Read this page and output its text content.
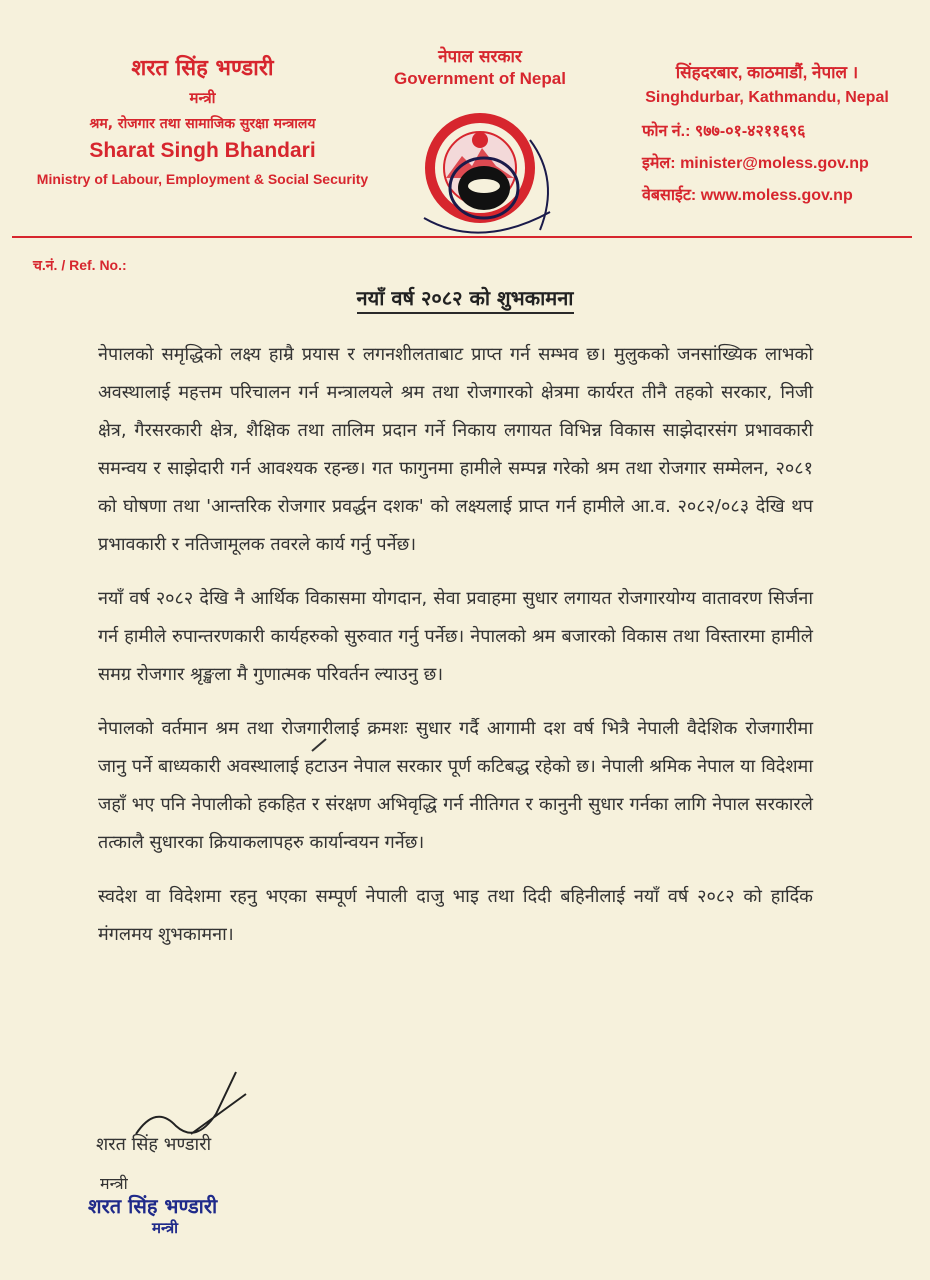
शरत सिंह भण्डारी
मन्त्री
श्रम, रोजगार तथा सामाजिक सुरक्षा मन्त्रालय
Sharat Singh Bhandari
Ministry of Labour, Employment & Social Security
नेपाल सरकार
Government of Nepal	सिंहदरबार, काठमाडौं, नेपाल ।
Singhdurbar, Kathmandu, Nepal
फोन नं.: ९७७-०१-४२११६९६
इमेल: minister@moless.gov.np
वेबसाईट: www.moless.gov.np
च.नं. / Ref. No.:
नयाँ वर्ष २०८२ को शुभकामना

नेपालको समृद्धिको लक्ष्य हाम्रै प्रयास र लगनशीलताबाट प्राप्त गर्न सम्भव छ। मुलुकको जनसांख्यिक लाभको अवस्थालाई महत्तम परिचालन गर्न मन्त्रालयले श्रम तथा रोजगारको क्षेत्रमा कार्यरत तीनै तहको सरकार, निजी क्षेत्र, गैरसरकारी क्षेत्र, शैक्षिक तथा तालिम प्रदान गर्ने निकाय लगायत विभिन्न विकास साझेदारसंग प्रभावकारी समन्वय र साझेदारी गर्न आवश्यक रहन्छ। गत फागुनमा हामीले सम्पन्न गरेको श्रम तथा रोजगार सम्मेलन, २०८१ को घोषणा तथा 'आन्तरिक रोजगार प्रवर्द्धन दशक' को लक्ष्यलाई प्राप्त गर्न हामीले आ.व. २०८२/०८३ देखि थप प्रभावकारी र नतिजामूलक तवरले कार्य गर्नु पर्नेछ।

नयाँ वर्ष २०८२ देखि नै आर्थिक विकासमा योगदान, सेवा प्रवाहमा सुधार लगायत रोजगारयोग्य वातावरण सिर्जना गर्न हामीले रुपान्तरणकारी कार्यहरुको सुरुवात गर्नु पर्नेछ। नेपालको श्रम बजारको विकास तथा विस्तारमा हामीले समग्र रोजगार श्रृङ्खला मै गुणात्मक परिवर्तन ल्याउनु छ।

नेपालको वर्तमान श्रम तथा रोजगारीलाई क्रमशः सुधार गर्दै आगामी दश वर्ष भित्रै नेपाली वैदेशिक रोजगारीमा जानु पर्ने बाध्यकारी अवस्थालाई हटाउन नेपाल सरकार पूर्ण कटिबद्ध रहेको छ। नेपाली श्रमिक नेपाल या विदेशमा जहाँ भए पनि नेपालीको हकहित र संरक्षण अभिवृद्धि गर्न नीतिगत र कानुनी सुधार गर्नका लागि नेपाल सरकारले तत्कालै सुधारका क्रियाकलापहरु कार्यान्वयन गर्नेछ।

स्वदेश वा विदेशमा रहनु भएका सम्पूर्ण नेपाली दाजु भाइ तथा दिदी बहिनीलाई नयाँ वर्ष २०८२ को हार्दिक मंगलमय शुभकामना।

शरत सिंह भण्डारी
मन्त्री
शरत सिंह भण्डारी
मन्त्री
